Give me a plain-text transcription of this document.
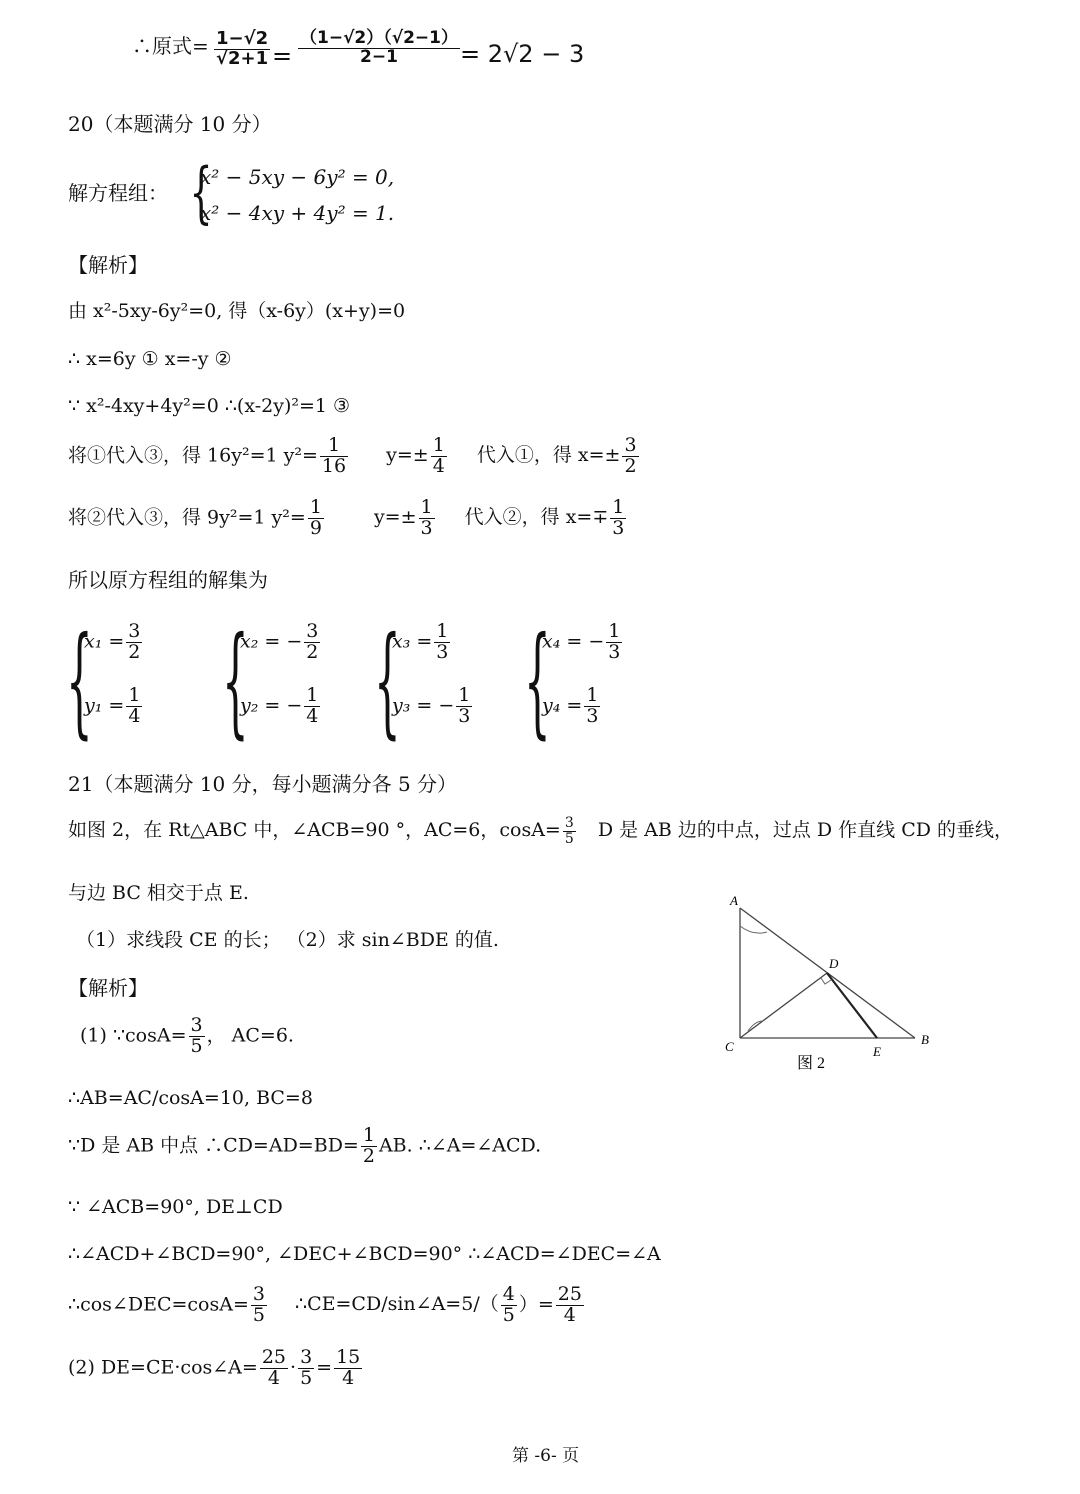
∴原式= $\frac{1-√2}{√2+1} = \frac{(1-√2)(√2-1)}{2-1} = 2√2 - 3$
20（本题满分 10 分）
解方程组： {
x² − 5xy − 6y² = 0,
x² − 4xy + 4y² = 1.
【解析】
由 x²-5xy-6y²=0, 得（x-6y）(x+y)=0
∴ x=6y ① x=-y ②
∵ x²-4xy+4y²=0 ∴(x-2y)²=1 ③
将①代入③，得 16y²=1 $y^2= \frac{1}{16} y=\pm \frac{1}{4}$ 代入①，得 $x=\pm \frac{3}{2}$
将②代入③，得 9y²=1 $y^2= \frac{1}{9}$	$y=\pm \frac{1}{3}$ 代入②，得 $x=\mp \frac{1}{3}$
所以原方程组的解集为
{
$x_1 = \frac{3}{2}$
$y_1 = \frac{1}{4}$ {
x₂ = − $\frac{3}{2}$
y₂ = − $\frac{1}{4}$ {
$x_3 = \frac{1}{3}$
y₃ = − $\frac{1}{3}$ {
x₄ = − $\frac{1}{3}$
$y_4 = \frac{1}{3}$
21（本题满分 10 分，每小题满分各 5 分）
如图 2，在 Rt△ABC 中，∠ACB=90 °，AC=6，$\cos A= \frac{3}{5}$ D 是 AB 边的中点，过点 D 作直线 CD 的垂线，
与边 BC 相交于点 E.
（1）求线段 CE 的长； （2）求 sin∠BDE 的值.
【解析】
(1) ∵cosA= $\frac{3}{5}$ ， AC=6.
∴AB=AC/cosA=10, BC=8
∵D 是 AB 中点 ∴CD=AD=BD= $\frac{1}{2}$ AB. ∴∠A=∠ACD.
∵ ∠ACB=90°, DE⊥CD
∴∠ACD+∠BCD=90°, ∠DEC+∠BCD=90° ∴∠ACD=∠DEC=∠A
∴cos∠DEC=cosA= $\frac{3}{5}$ ∴CE=CD/sin∠A=5/（ $\frac{4}{5}$ ）= $\frac{25}{4}$
(2) DE=CE·cos∠A= $\frac{25}{4} \cdot \frac{3}{5} = \frac{15}{4}$
A
B
C
D
E
图 2
第 -6- 页
